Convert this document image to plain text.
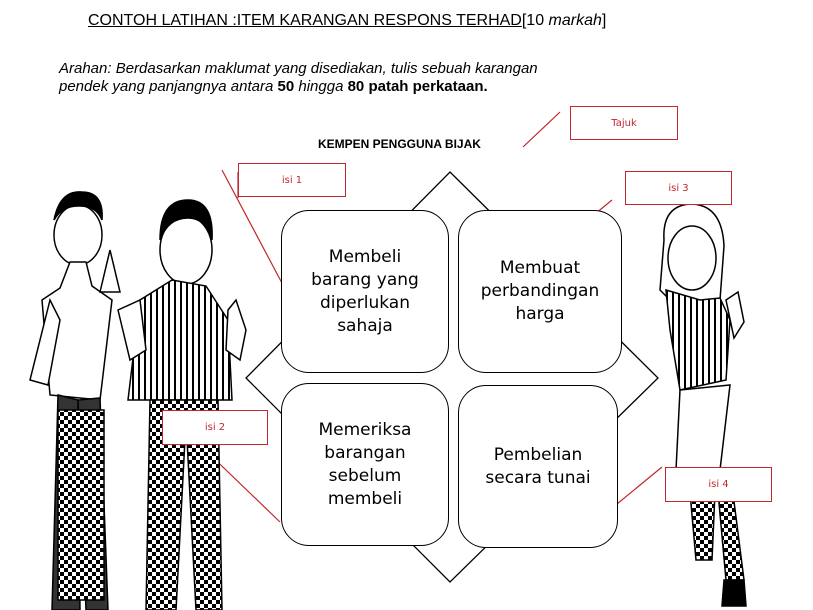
CONTOH LATIHAN :ITEM KARANGAN RESPONS TERHAD[10 markah]
Arahan: Berdasarkan maklumat yang disediakan, tulis sebuah karangan
pendek yang panjangnya antara 50 hingga 80 patah perkataan.
KEMPEN PENGGUNA BIJAK
Membeli
barang yang
diperlukan
sahaja
Membuat
perbandingan
harga
Memeriksa
barangan
sebelum
membeli
Pembelian
secara tunai
Tajuk
isi 1
isi 3
isi 2
isi 4
